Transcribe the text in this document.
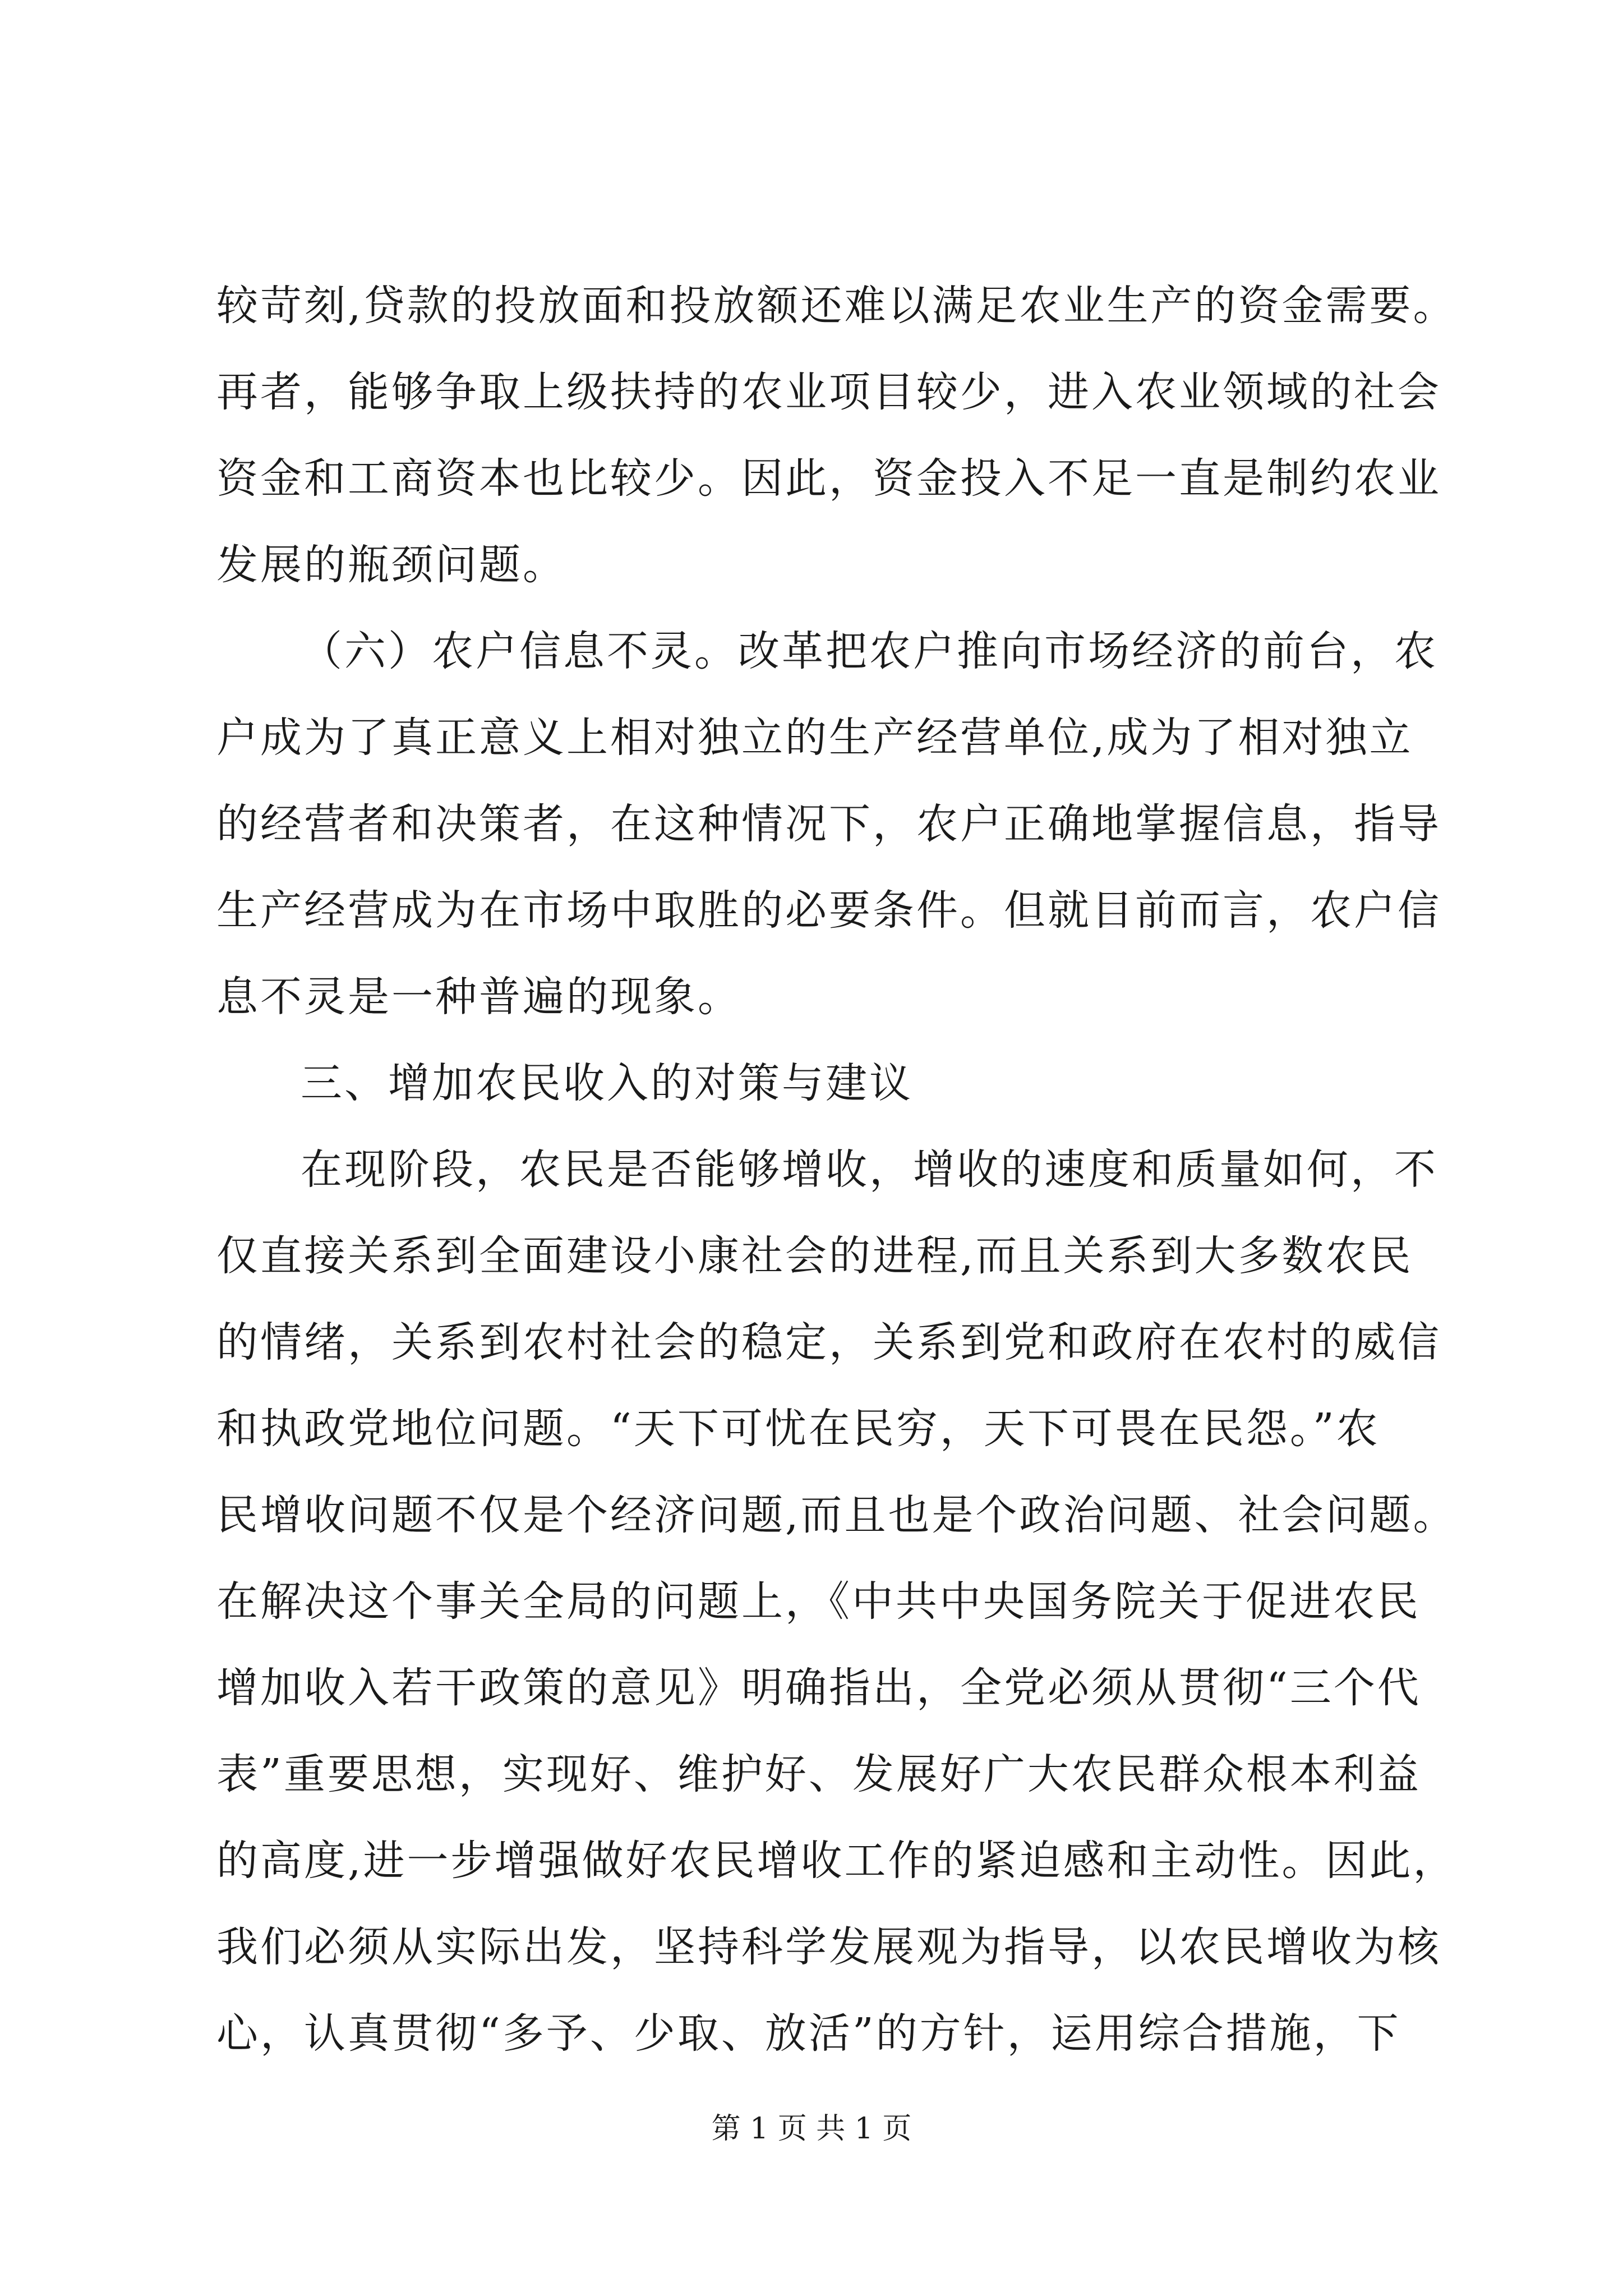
较苛刻,贷款的投放面和投放额还难以满足农业生产的资金需要。
再者，能够争取上级扶持的农业项目较少，进入农业领域的社会
资金和工商资本也比较少。因此，资金投入不足一直是制约农业
发展的瓶颈问题。
（六）农户信息不灵。改革把农户推向市场经济的前台，农
户成为了真正意义上相对独立的生产经营单位,成为了相对独立
的经营者和决策者，在这种情况下，农户正确地掌握信息，指导
生产经营成为在市场中取胜的必要条件。但就目前而言，农户信
息不灵是一种普遍的现象。
三、增加农民收入的对策与建议
在现阶段，农民是否能够增收，增收的速度和质量如何，不
仅直接关系到全面建设小康社会的进程,而且关系到大多数农民
的情绪，关系到农村社会的稳定，关系到党和政府在农村的威信
和执政党地位问题。“天下可忧在民穷，天下可畏在民怨。”农
民增收问题不仅是个经济问题,而且也是个政治问题、社会问题。
在解决这个事关全局的问题上，《中共中央国务院关于促进农民
增加收入若干政策的意见》明确指出，全党必须从贯彻“三个代
表”重要思想，实现好、维护好、发展好广大农民群众根本利益
的高度,进一步增强做好农民增收工作的紧迫感和主动性。因此，
我们必须从实际出发，坚持科学发展观为指导，以农民增收为核
心，认真贯彻“多予、少取、放活”的方针，运用综合措施，下
第 1 页 共 1 页
